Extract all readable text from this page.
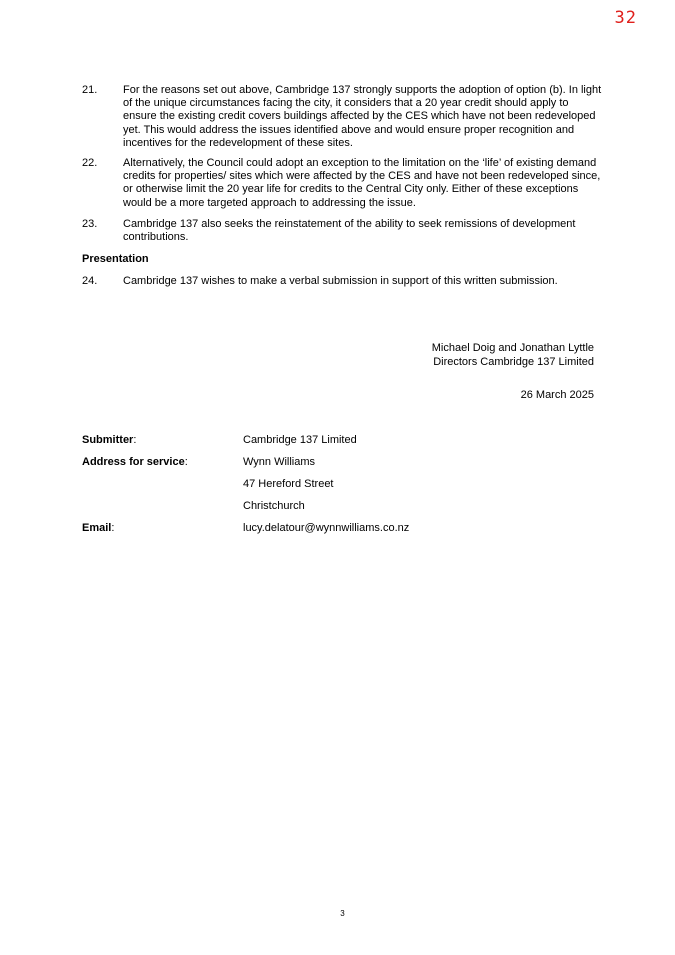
32
21. For the reasons set out above, Cambridge 137 strongly supports the adoption of option (b). In light of the unique circumstances facing the city, it considers that a 20 year credit should apply to ensure the existing credit covers buildings affected by the CES which have not been redeveloped yet. This would address the issues identified above and would ensure proper recognition and incentives for the redevelopment of these sites.
22. Alternatively, the Council could adopt an exception to the limitation on the ‘life’ of existing demand credits for properties/ sites which were affected by the CES and have not been redeveloped since, or otherwise limit the 20 year life for credits to the Central City only. Either of these exceptions would be a more targeted approach to addressing the issue.
23. Cambridge 137 also seeks the reinstatement of the ability to seek remissions of development contributions.
Presentation
24. Cambridge 137 wishes to make a verbal submission in support of this written submission.
Michael Doig and Jonathan Lyttle
Directors Cambridge 137 Limited
26 March 2025
Submitter:	Cambridge 137 Limited
Address for service:	Wynn Williams
47 Hereford Street
Christchurch
Email:	lucy.delatour@wynnwilliams.co.nz
3
